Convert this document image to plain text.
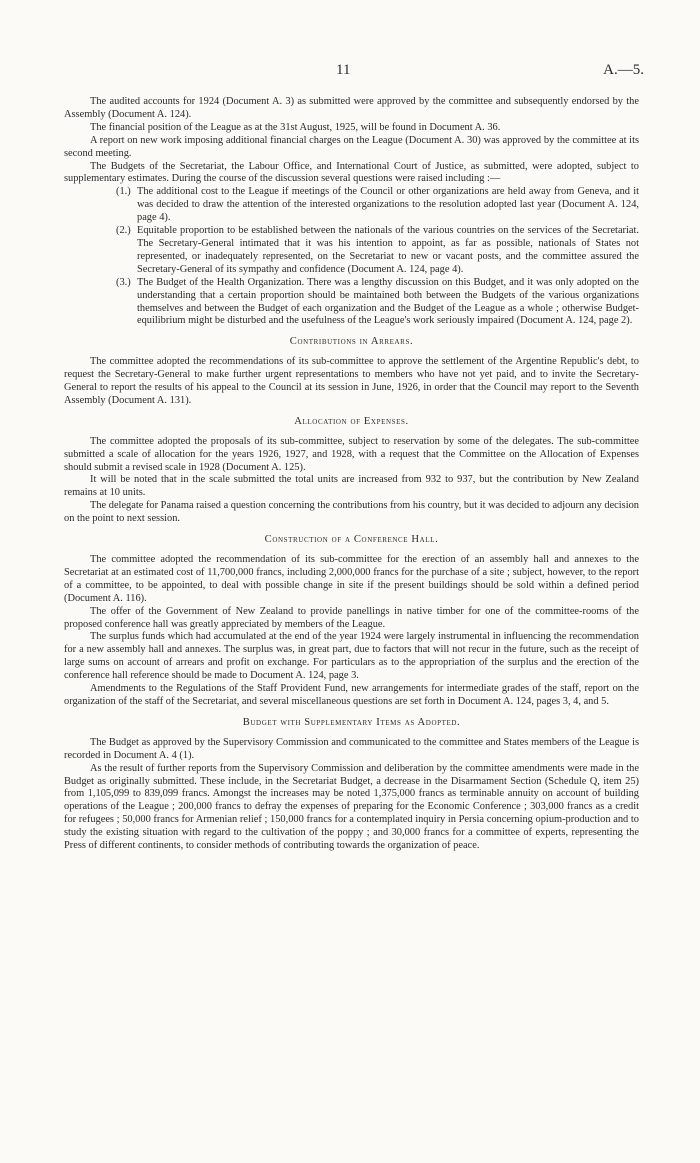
11	A.—5.

The audited accounts for 1924 (Document A. 3) as submitted were approved by the committee and subsequently endorsed by the Assembly (Document A. 124).

The financial position of the League as at the 31st August, 1925, will be found in Document A. 36.

A report on new work imposing additional financial charges on the League (Document A. 30) was approved by the committee at its second meeting.

The Budgets of the Secretariat, the Labour Office, and International Court of Justice, as submitted, were adopted, subject to supplementary estimates. During the course of the discussion several questions were raised including :—

(1.) The additional cost to the League if meetings of the Council or other organizations are held away from Geneva, and it was decided to draw the attention of the interested organizations to the resolution adopted last year (Document A. 124, page 4).
(2.) Equitable proportion to be established between the nationals of the various countries on the services of the Secretariat. The Secretary-General intimated that it was his intention to appoint, as far as possible, nationals of States not represented, or inadequately represented, on the Secretariat to new or vacant posts, and the committee assured the Secretary-General of its sympathy and confidence (Document A. 124, page 4).
(3.) The Budget of the Health Organization. There was a lengthy discussion on this Budget, and it was only adopted on the understanding that a certain proportion should be maintained both between the Budgets of the various organizations themselves and between the Budget of each organization and the Budget of the League as a whole ; otherwise Budget-equilibrium might be disturbed and the usefulness of the League's work seriously impaired (Document A. 124, page 2).
Contributions in Arrears.

The committee adopted the recommendations of its sub-committee to approve the settlement of the Argentine Republic's debt, to request the Secretary-General to make further urgent representations to members who have not yet paid, and to invite the Secretary-General to report the results of his appeal to the Council at its session in June, 1926, in order that the Council may report to the Seventh Assembly (Document A. 131).

Allocation of Expenses.

The committee adopted the proposals of its sub-committee, subject to reservation by some of the delegates. The sub-committee submitted a scale of allocation for the years 1926, 1927, and 1928, with a request that the Committee on the Allocation of Expenses should submit a revised scale in 1928 (Document A. 125).

It will be noted that in the scale submitted the total units are increased from 932 to 937, but the contribution by New Zealand remains at 10 units.

The delegate for Panama raised a question concerning the contributions from his country, but it was decided to adjourn any decision on the point to next session.

Construction of a Conference Hall.

The committee adopted the recommendation of its sub-committee for the erection of an assembly hall and annexes to the Secretariat at an estimated cost of 11,700,000 francs, including 2,000,000 francs for the purchase of a site ; subject, however, to the report of a committee, to be appointed, to deal with possible change in site if the present buildings should be sold within a defined period (Document A. 116).

The offer of the Government of New Zealand to provide panellings in native timber for one of the committee-rooms of the proposed conference hall was greatly appreciated by members of the League.

The surplus funds which had accumulated at the end of the year 1924 were largely instrumental in influencing the recommendation for a new assembly hall and annexes. The surplus was, in great part, due to factors that will not recur in the future, such as the receipt of large sums on account of arrears and profit on exchange. For particulars as to the appropriation of the surplus and the erection of the conference hall reference should be made to Document A. 124, page 3.

Amendments to the Regulations of the Staff Provident Fund, new arrangements for intermediate grades of the staff, report on the organization of the staff of the Secretariat, and several miscellaneous questions are set forth in Document A. 124, pages 3, 4, and 5.

Budget with Supplementary Items as Adopted.

The Budget as approved by the Supervisory Commission and communicated to the committee and States members of the League is recorded in Document A. 4 (1).

As the result of further reports from the Supervisory Commission and deliberation by the committee amendments were made in the Budget as originally submitted. These include, in the Secretariat Budget, a decrease in the Disarmament Section (Schedule Q, item 25) from 1,105,099 to 839,099 francs. Amongst the increases may be noted 1,375,000 francs as terminable annuity on account of building operations of the League ; 200,000 francs to defray the expenses of preparing for the Economic Conference ; 303,000 francs as a credit for refugees ; 50,000 francs for Armenian relief ; 150,000 francs for a contemplated inquiry in Persia concerning opium-production and to study the existing situation with regard to the cultivation of the poppy ; and 30,000 francs for a committee of experts, representing the Press of different continents, to consider methods of contributing towards the organization of peace.
